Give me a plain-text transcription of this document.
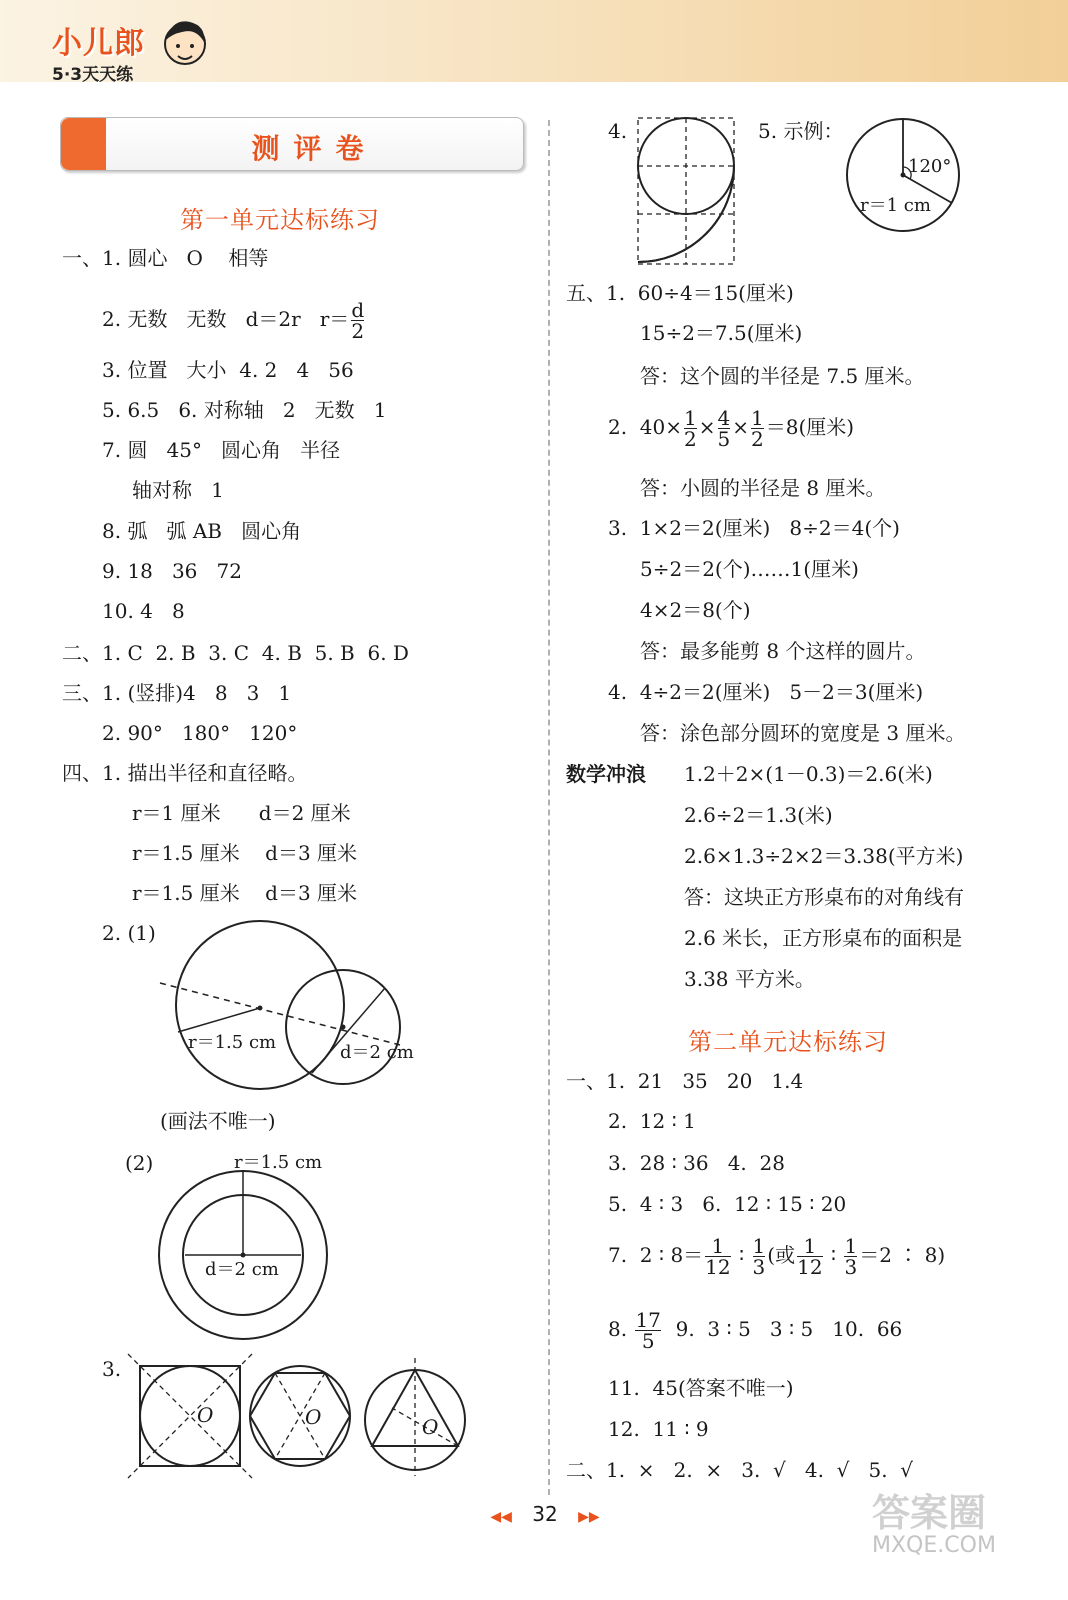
小儿郎
5·3天天练
测评卷
第一单元达标练习
一、1. 圆心   O    相等
2. 无数   无数   d＝2r   $r= \frac{d}{2}$
3. 位置   大小  4. 2   4   56
5. 6.5   6. 对称轴   2   无数   1
7. 圆   45°   圆心角   半径
轴对称   1
8. 弧   弧 AB   圆心角
9. 18   36   72
10. 4   8
二、1. C  2. B  3. C  4. B  5. B  6. D
三、1. (竖排)4   8   3   1
2. 90°   180°   120°
四、1. 描出半径和直径略。
r＝1 厘米      d＝2 厘米
r＝1.5 厘米    d＝3 厘米
r＝1.5 厘米    d＝3 厘米
2. (1)
r＝1.5 cm	d＝2 cm
(画法不唯一)
(2)	r＝1.5 cm
d＝2 cm
3.
O	O	O
4.	5. 示例：
120°
r＝1 cm
五、1.  60÷4＝15(厘米)
15÷2＝7.5(厘米)
答：这个圆的半径是 7.5 厘米。
2.  $40\times \frac{1}{2} \times \frac{4}{5} \times \frac{1}{2} =8$(厘米)
答：小圆的半径是 8 厘米。
3.  1×2＝2(厘米)   8÷2＝4(个)
5÷2＝2(个)……1(厘米)
4×2＝8(个)
答：最多能剪 8 个这样的圆片。
4.  4÷2＝2(厘米)   5－2＝3(厘米)
答：涂色部分圆环的宽度是 3 厘米。
数学冲浪 1.2＋2×(1－0.3)＝2.6(米)
2.6÷2＝1.3(米)
2.6×1.3÷2×2＝3.38(平方米)
答：这块正方形桌布的对角线有
2.6 米长，正方形桌布的面积是
3.38 平方米。
第二单元达标练习
一、1.  21   35   20   1.4
2.  12 ∶ 1
3.  28 ∶ 36   4.  28
5.  4 ∶ 3   6.  12 ∶ 15 ∶ 20
7.  2 ∶ $8= \frac{1}{12}$ ∶ $\frac{1}{3}$ (或 $\frac{1}{12}$ ∶ $\frac{1}{3} =2$ ∶ 8)
8. $\frac{17}{5} 9$.  3 ∶ 5   3 ∶ 5   10.  66
11.  45(答案不唯一)
12.  11 ∶ 9
二、1.  ×   2.  ×   3.  √   4.  √   5.  √
◀◀ 32 ▶▶	答案圈
MXQE.COM
